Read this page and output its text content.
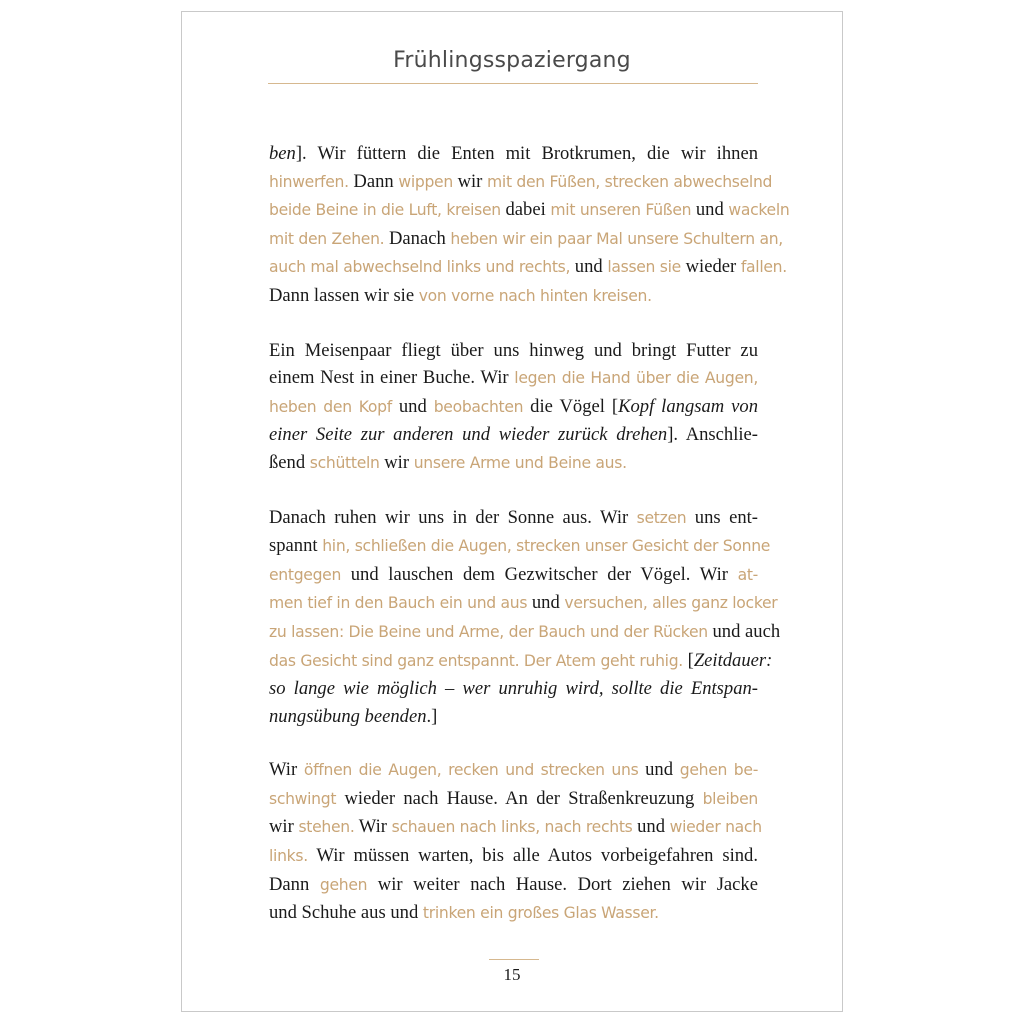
Frühlingsspaziergang

ben]. Wir füttern die Enten mit Brotkrumen, die wir ihnen
hinwerfen. Dann wippen wir mit den Füßen, strecken abwechselnd
beide Beine in die Luft, kreisen dabei mit unseren Füßen und wackeln
mit den Zehen. Danach heben wir ein paar Mal unsere Schultern an,
auch mal abwechselnd links und rechts, und lassen sie wieder fallen.
Dann lassen wir sie von vorne nach hinten kreisen.

Ein Meisenpaar fliegt über uns hinweg und bringt Futter zu
einem Nest in einer Buche. Wir legen die Hand über die Augen,
heben den Kopf und beobachten die Vögel [Kopf langsam von
einer Seite zur anderen und wieder zurück drehen]. Anschlie-
ßend schütteln wir unsere Arme und Beine aus.

Danach ruhen wir uns in der Sonne aus. Wir setzen uns ent-
spannt hin, schließen die Augen, strecken unser Gesicht der Sonne
entgegen und lauschen dem Gezwitscher der Vögel. Wir at-
men tief in den Bauch ein und aus und versuchen, alles ganz locker
zu lassen: Die Beine und Arme, der Bauch und der Rücken und auch
das Gesicht sind ganz entspannt. Der Atem geht ruhig. [Zeitdauer:
so lange wie möglich – wer unruhig wird, sollte die Entspan-
nungsübung beenden.]

Wir öffnen die Augen, recken und strecken uns und gehen be-
schwingt wieder nach Hause. An der Straßenkreuzung bleiben
wir stehen. Wir schauen nach links, nach rechts und wieder nach
links. Wir müssen warten, bis alle Autos vorbeigefahren sind.
Dann gehen wir weiter nach Hause. Dort ziehen wir Jacke
und Schuhe aus und trinken ein großes Glas Wasser.

15
